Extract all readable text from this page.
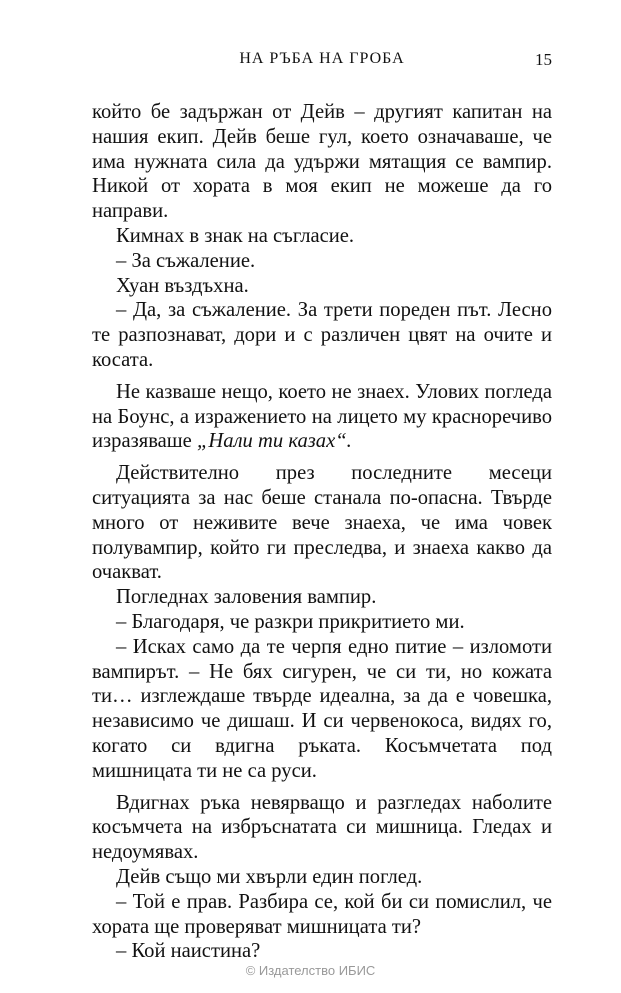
НА РЪБА НА ГРОБА	15

който бе задържан от Дейв – другият капитан на нашия екип. Дейв беше гул, което означаваше, че има нужната сила да удържи мятащия се вампир. Никой от хората в моя екип не можеше да го направи.

Кимнах в знак на съгласие.

– За съжаление.

Хуан въздъхна.

– Да, за съжаление. За трети пореден път. Лесно те разпознават, дори и с различен цвят на очите и косата.

Не казваше нещо, което не знаех. Улових погледа на Боунс, а изражението на лицето му красноречиво изразяваше „Нали ти казах“.

Действително през последните месеци ситуацията за нас беше станала по-опасна. Твърде много от неживите вече знаеха, че има човек полувампир, който ги преследва, и знаеха какво да очакват.

Погледнах заловения вампир.

– Благодаря, че разкри прикритието ми.

– Исках само да те черпя едно питие – изломоти вампирът. – Не бях сигурен, че си ти, но кожата ти… изглеждаше твърде идеална, за да е човешка, независимо че дишаш. И си червенокоса, видях го, когато си вдигна ръката. Косъмчетата под мишницата ти не са руси.

Вдигнах ръка невярващо и разгледах наболите косъмчета на избръснатата си мишница. Гледах и недоумявах.

Дейв също ми хвърли един поглед.

– Той е прав. Разбира се, кой би си помислил, че хората ще проверяват мишницата ти?

– Кой наистина?

© Издателство ИБИС
